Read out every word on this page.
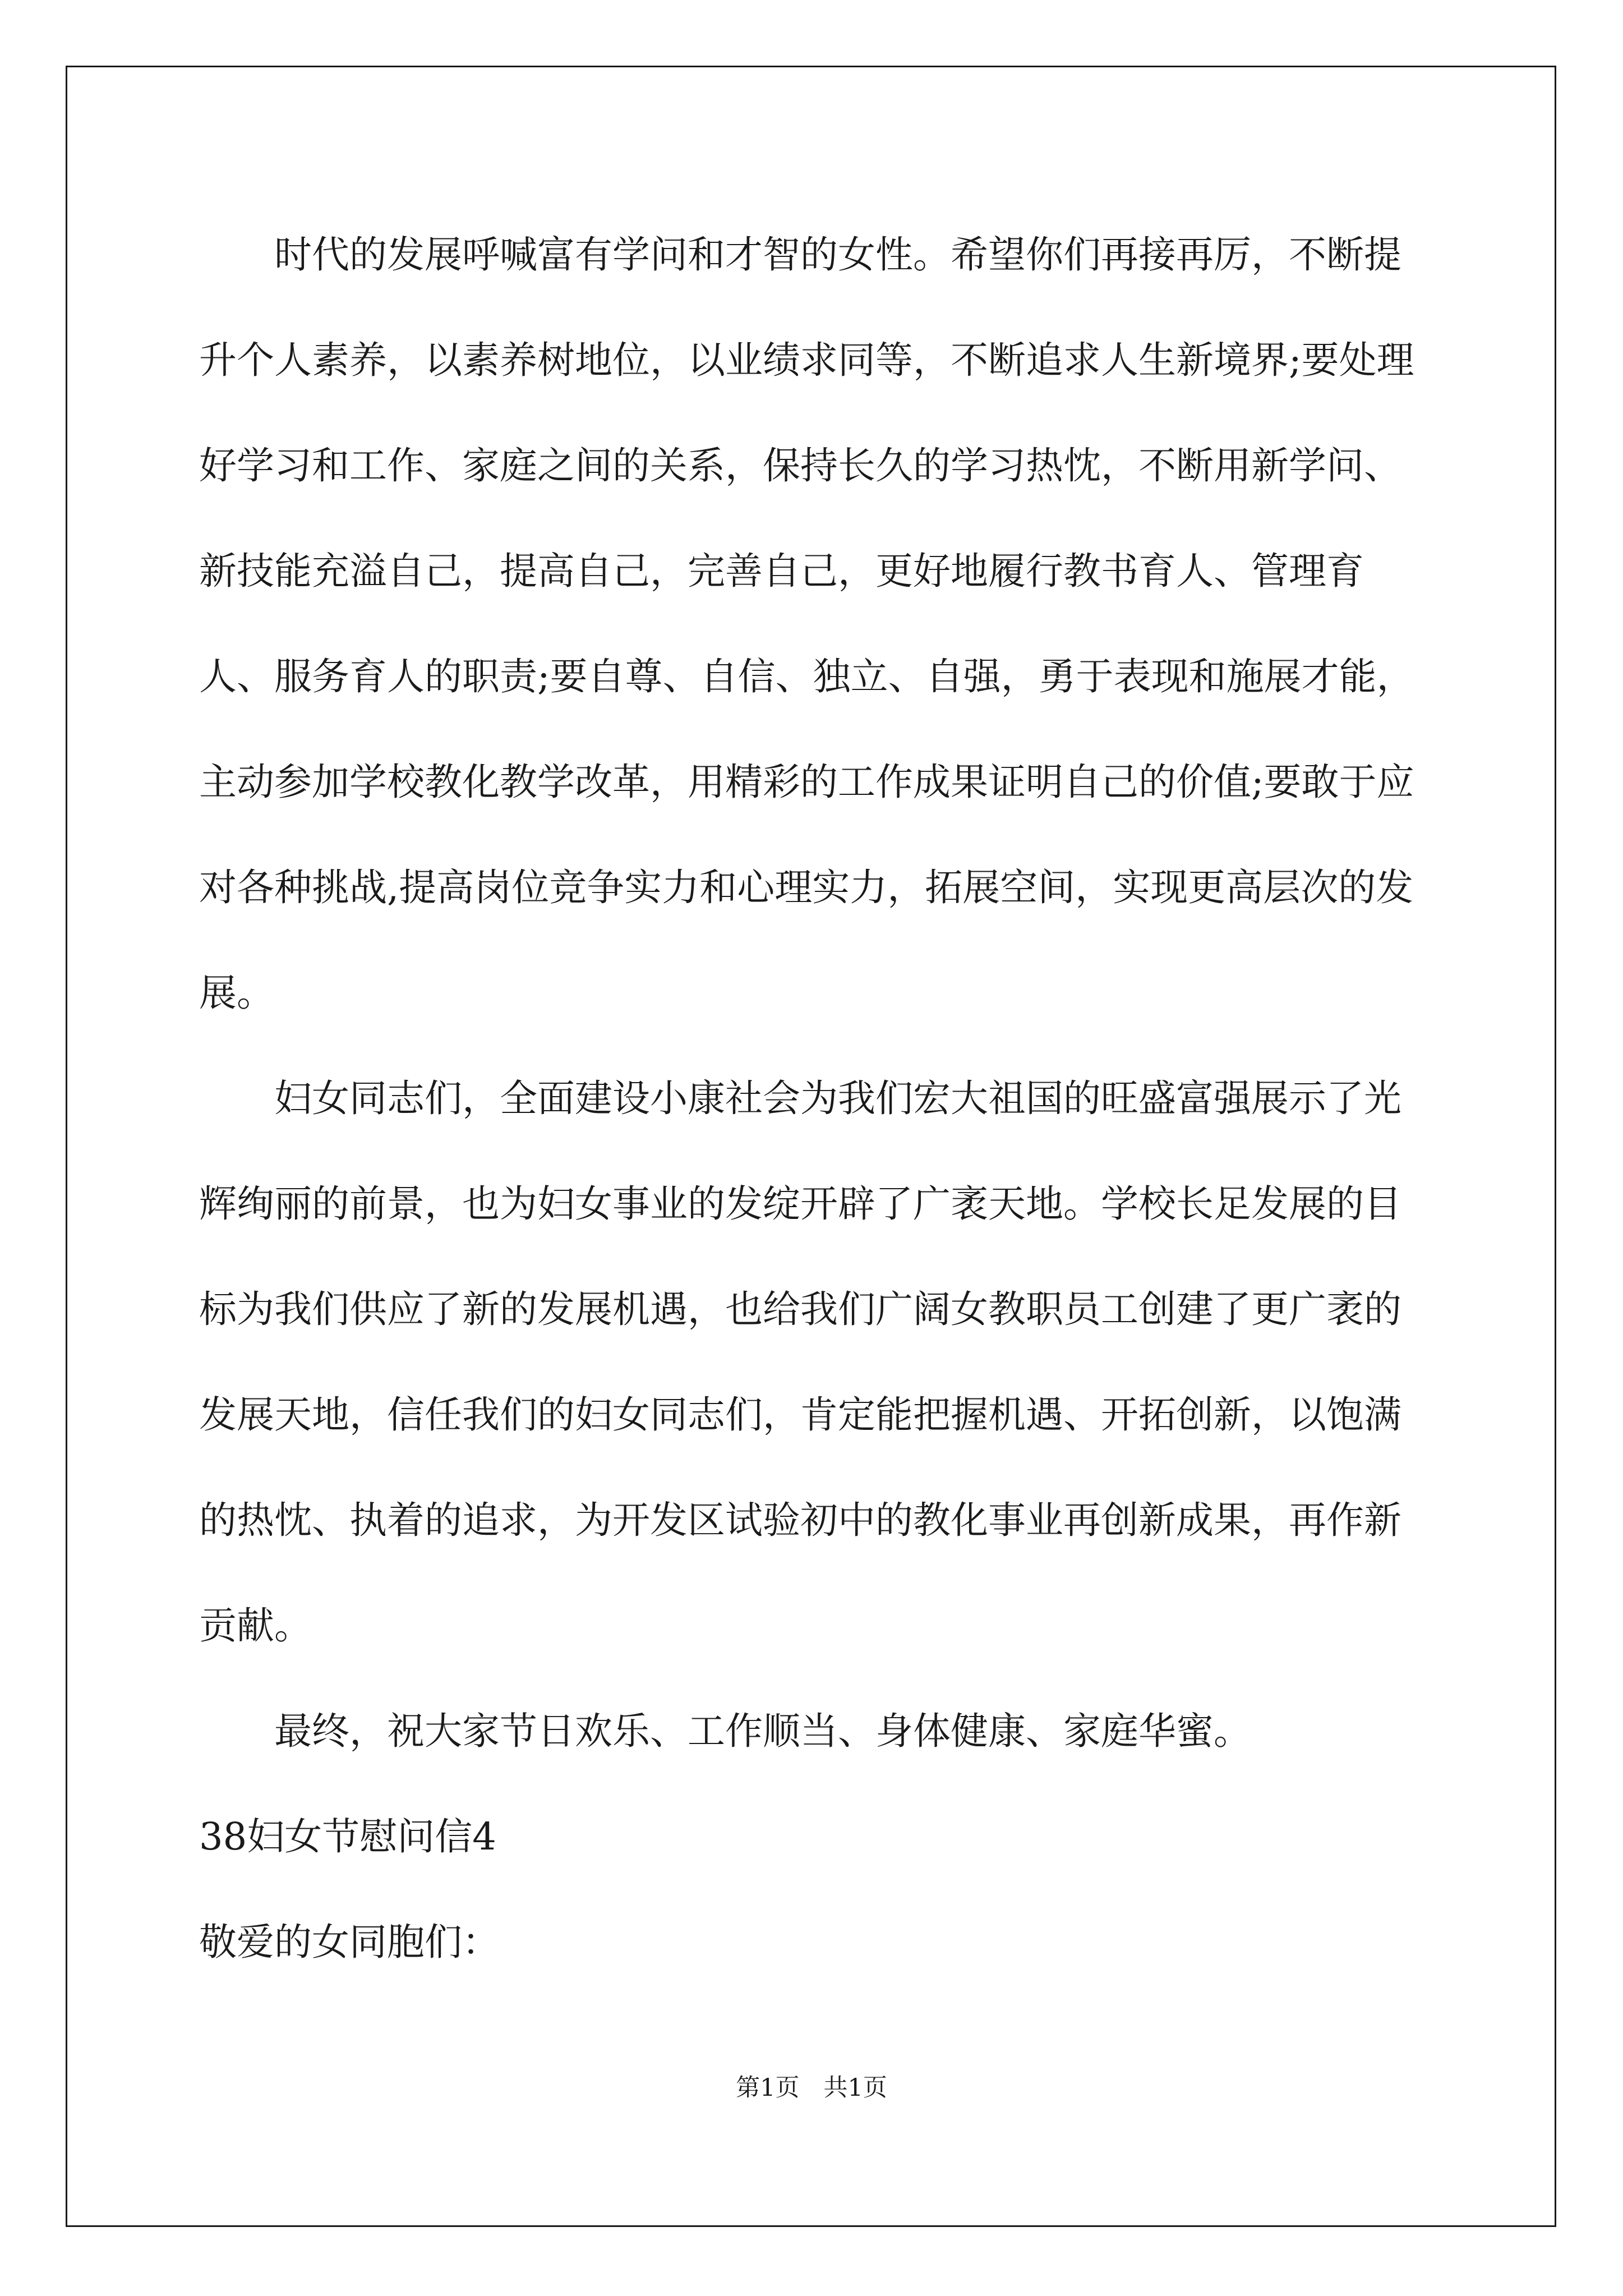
时代的发展呼喊富有学问和才智的女性。希望你们再接再厉，不断提升个人素养，以素养树地位，以业绩求同等，不断追求人生新境界;要处理好学习和工作、家庭之间的关系，保持长久的学习热忱，不断用新学问、新技能充溢自己，提高自己，完善自己，更好地履行教书育人、管理育人、服务育人的职责;要自尊、自信、独立、自强，勇于表现和施展才能，主动参加学校教化教学改革，用精彩的工作成果证明自己的价值;要敢于应对各种挑战,提高岗位竞争实力和心理实力，拓展空间，实现更高层次的发展。

妇女同志们，全面建设小康社会为我们宏大祖国的旺盛富强展示了光辉绚丽的前景，也为妇女事业的发绽开辟了广袤天地。学校长足发展的目标为我们供应了新的发展机遇，也给我们广阔女教职员工创建了更广袤的发展天地，信任我们的妇女同志们，肯定能把握机遇、开拓创新，以饱满的热忱、执着的追求，为开发区试验初中的教化事业再创新成果，再作新贡献。

最终，祝大家节日欢乐、工作顺当、身体健康、家庭华蜜。

38妇女节慰问信4

敬爱的女同胞们：

第1页　共1页
